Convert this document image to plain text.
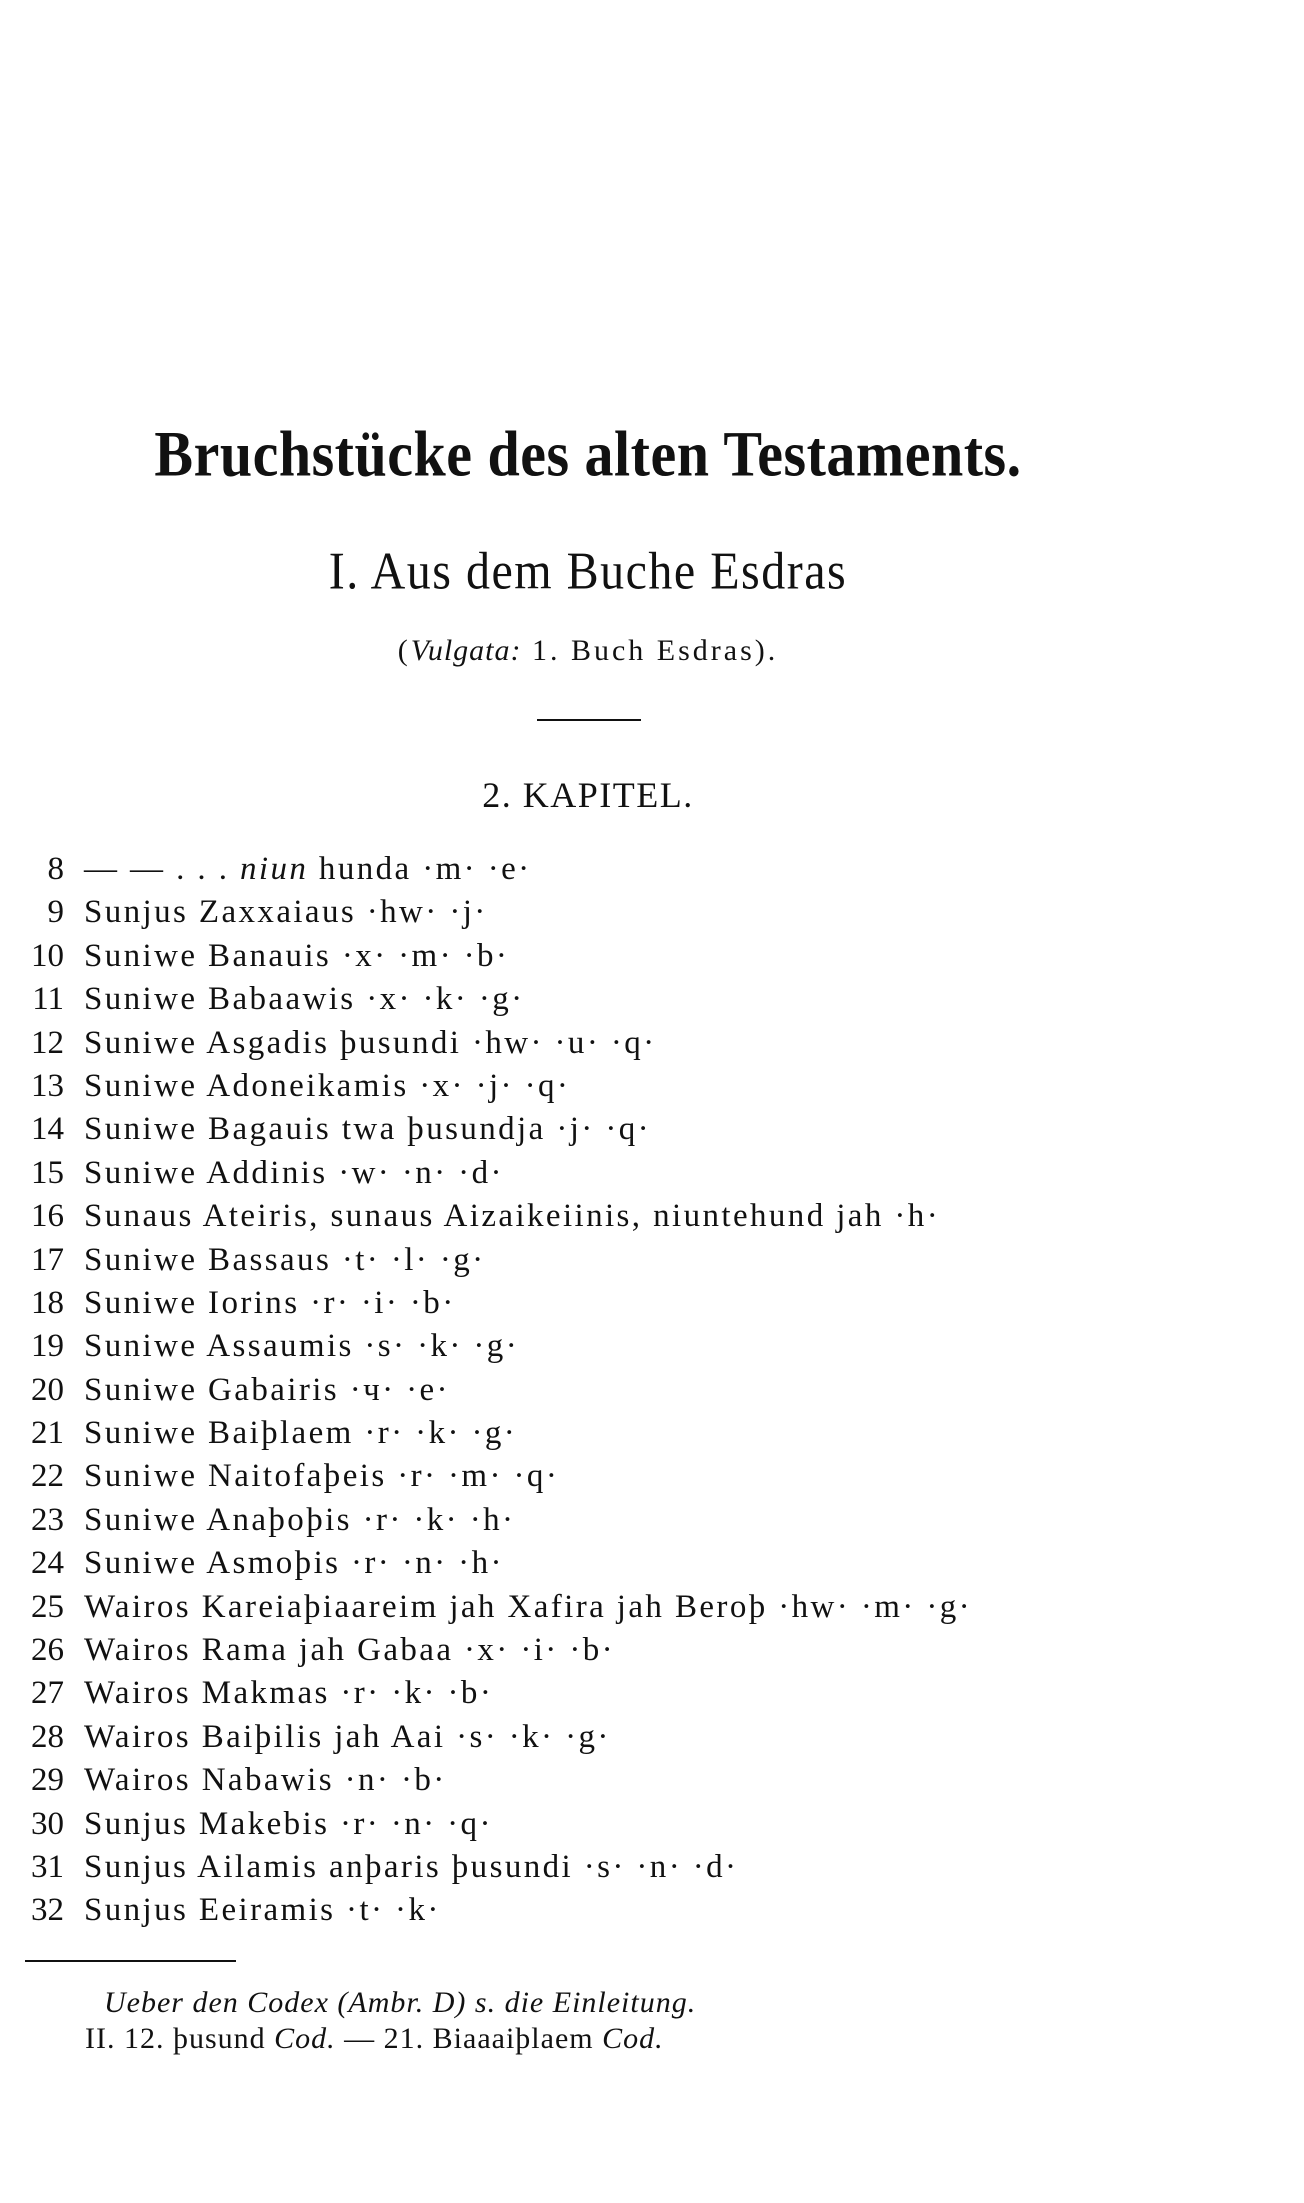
Bruchstücke des alten Testaments.
I. Aus dem Buche Esdras
(Vulgata: 1. Buch Esdras).
2. KAPITEL.
8 — — . . . niun hunda ·m· ·e·
9 Sunjus Zaxxaiaus ·hw· ·j·
10 Suniwe Banauis ·x· ·m· ·b·
11 Suniwe Babaawis ·x· ·k· ·g·
12 Suniwe Asgadis þusundi ·hw· ·u· ·q·
13 Suniwe Adoneikamis ·x· ·j· ·q·
14 Suniwe Bagauis twa þusundja ·j· ·q·
15 Suniwe Addinis ·w· ·n· ·d·
16 Sunaus Ateiris, sunaus Aizaikeiinis, niuntehund jah ·h·
17 Suniwe Bassaus ·t· ·l· ·g·
18 Suniwe Iorins ·r· ·i· ·b·
19 Suniwe Assaumis ·s· ·k· ·g·
20 Suniwe Gabairis ·ч· ·e·
21 Suniwe Baiþlaem ·r· ·k· ·g·
22 Suniwe Naitofaþeis ·r· ·m· ·q·
23 Suniwe Anaþoþis ·r· ·k· ·h·
24 Suniwe Asmoþis ·r· ·n· ·h·
25 Wairos Kareiaþiaareim jah Xafira jah Beroþ ·hw· ·m· ·g·
26 Wairos Rama jah Gabaa ·x· ·i· ·b·
27 Wairos Makmas ·r· ·k· ·b·
28 Wairos Baiþilis jah Aai ·s· ·k· ·g·
29 Wairos Nabawis ·n· ·b·
30 Sunjus Makebis ·r· ·n· ·q·
31 Sunjus Ailamis anþaris þusundi ·s· ·n· ·d·
32 Sunjus Eeiramis ·t· ·k·
Ueber den Codex (Ambr. D) s. die Einleitung.
II. 12. þusund Cod. — 21. Biaaaiþlaem Cod.
